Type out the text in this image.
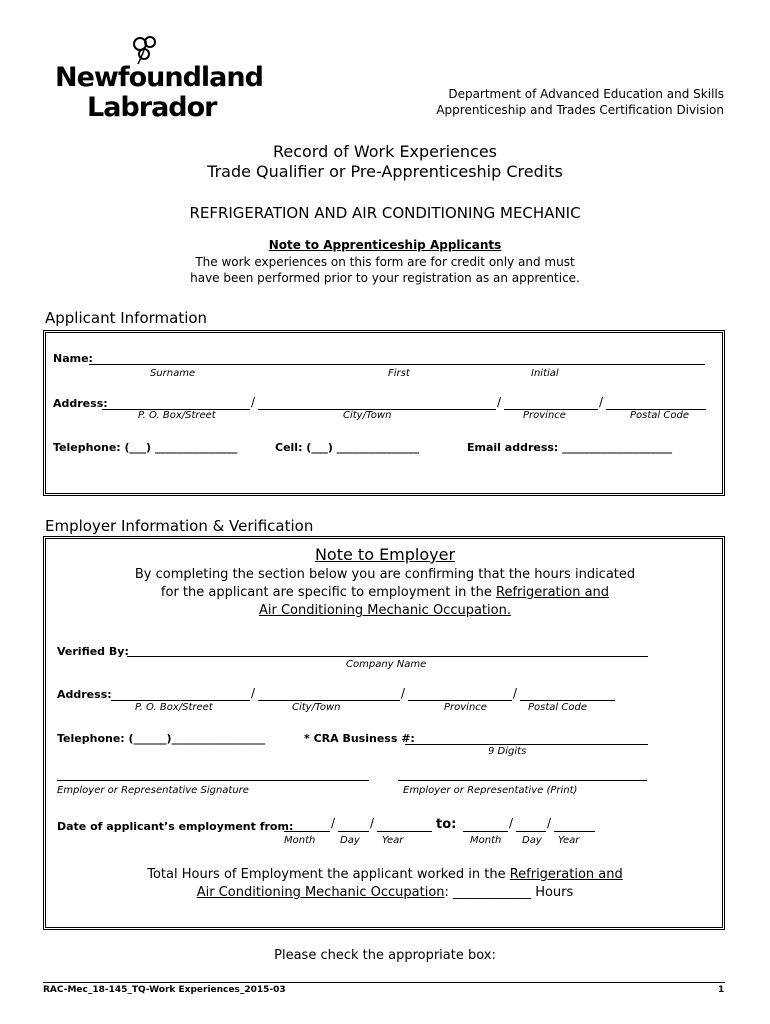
Newfoundland
Labrador	Department of Advanced Education and Skills
Apprenticeship and Trades Certification Division
Record of Work Experiences
Trade Qualifier or Pre-Apprenticeship Credits
REFRIGERATION AND AIR CONDITIONING MECHANIC
Note to Apprenticeship Applicants
The work experiences on this form are for credit only and must
have been performed prior to your registration as an apprentice.
Applicant Information
Name:
Surname	First	Initial
Address:	/	/	/
P. O. Box/Street	City/Town	Province	Postal Code
Telephone: (___) _______________	Cell: (___) _______________	Email address: ____________________
Employer Information & Verification
Note to Employer
By completing the section below you are confirming that the hours indicated
for the applicant are specific to employment in the Refrigeration and
Air Conditioning Mechanic Occupation.
Verified By:
Company Name
Address:	/	/	/
P. O. Box/Street	City/Town	Province	Postal Code
Telephone: (______)_________________	* CRA Business #:
9 Digits
Employer or Representative Signature	Employer or Representative (Print)
Date of applicant’s employment from:	/	/	to:	/	/
Month Day Year	Month Day Year
Total Hours of Employment the applicant worked in the Refrigeration and
Air Conditioning Mechanic Occupation: ____________ Hours
Please check the appropriate box:
RAC-Mec_18-145_TQ-Work Experiences_2015-03	1
